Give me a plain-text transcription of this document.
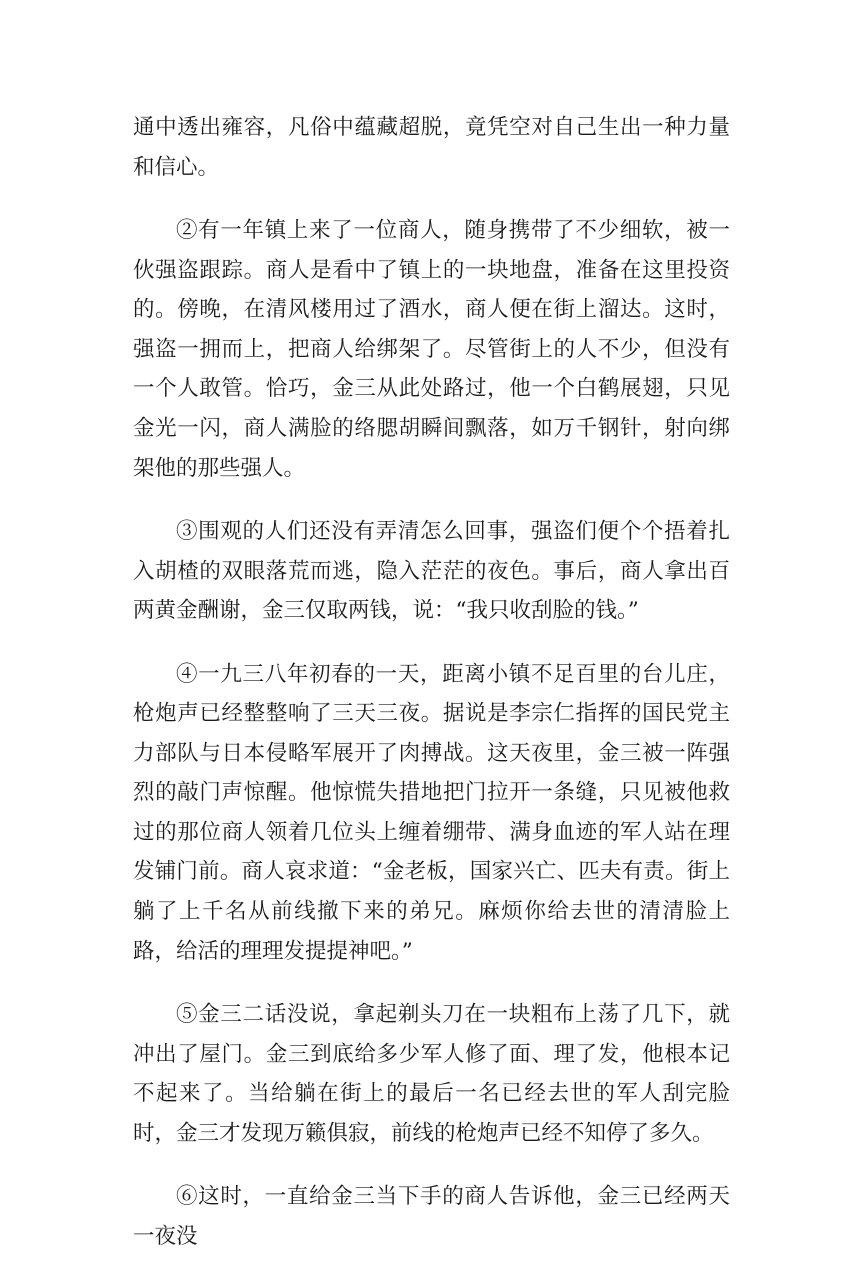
通中透出雍容，凡俗中蕴藏超脱，竟凭空对自己生出一种力量和信心。

②有一年镇上来了一位商人，随身携带了不少细软，被一伙强盗跟踪。商人是看中了镇上的一块地盘，准备在这里投资的。傍晚，在清风楼用过了酒水，商人便在街上溜达。这时，强盗一拥而上，把商人给绑架了。尽管街上的人不少，但没有一个人敢管。恰巧，金三从此处路过，他一个白鹤展翅，只见金光一闪，商人满脸的络腮胡瞬间飘落，如万千钢针，射向绑架他的那些强人。

③围观的人们还没有弄清怎么回事，强盗们便个个捂着扎入胡楂的双眼落荒而逃，隐入茫茫的夜色。事后，商人拿出百两黄金酬谢，金三仅取两钱，说：“我只收刮脸的钱。”

④一九三八年初春的一天，距离小镇不足百里的台儿庄，枪炮声已经整整响了三天三夜。据说是李宗仁指挥的国民党主力部队与日本侵略军展开了肉搏战。这天夜里，金三被一阵强烈的敲门声惊醒。他惊慌失措地把门拉开一条缝，只见被他救过的那位商人领着几位头上缠着绷带、满身血迹的军人站在理发铺门前。商人哀求道：“金老板，国家兴亡、匹夫有责。街上躺了上千名从前线撤下来的弟兄。麻烦你给去世的清清脸上路，给活的理理发提提神吧。”

⑤金三二话没说，拿起剃头刀在一块粗布上荡了几下，就冲出了屋门。金三到底给多少军人修了面、理了发，他根本记不起来了。当给躺在街上的最后一名已经去世的军人刮完脸时，金三才发现万籁俱寂，前线的枪炮声已经不知停了多久。

⑥这时，一直给金三当下手的商人告诉他，金三已经两天一夜没
